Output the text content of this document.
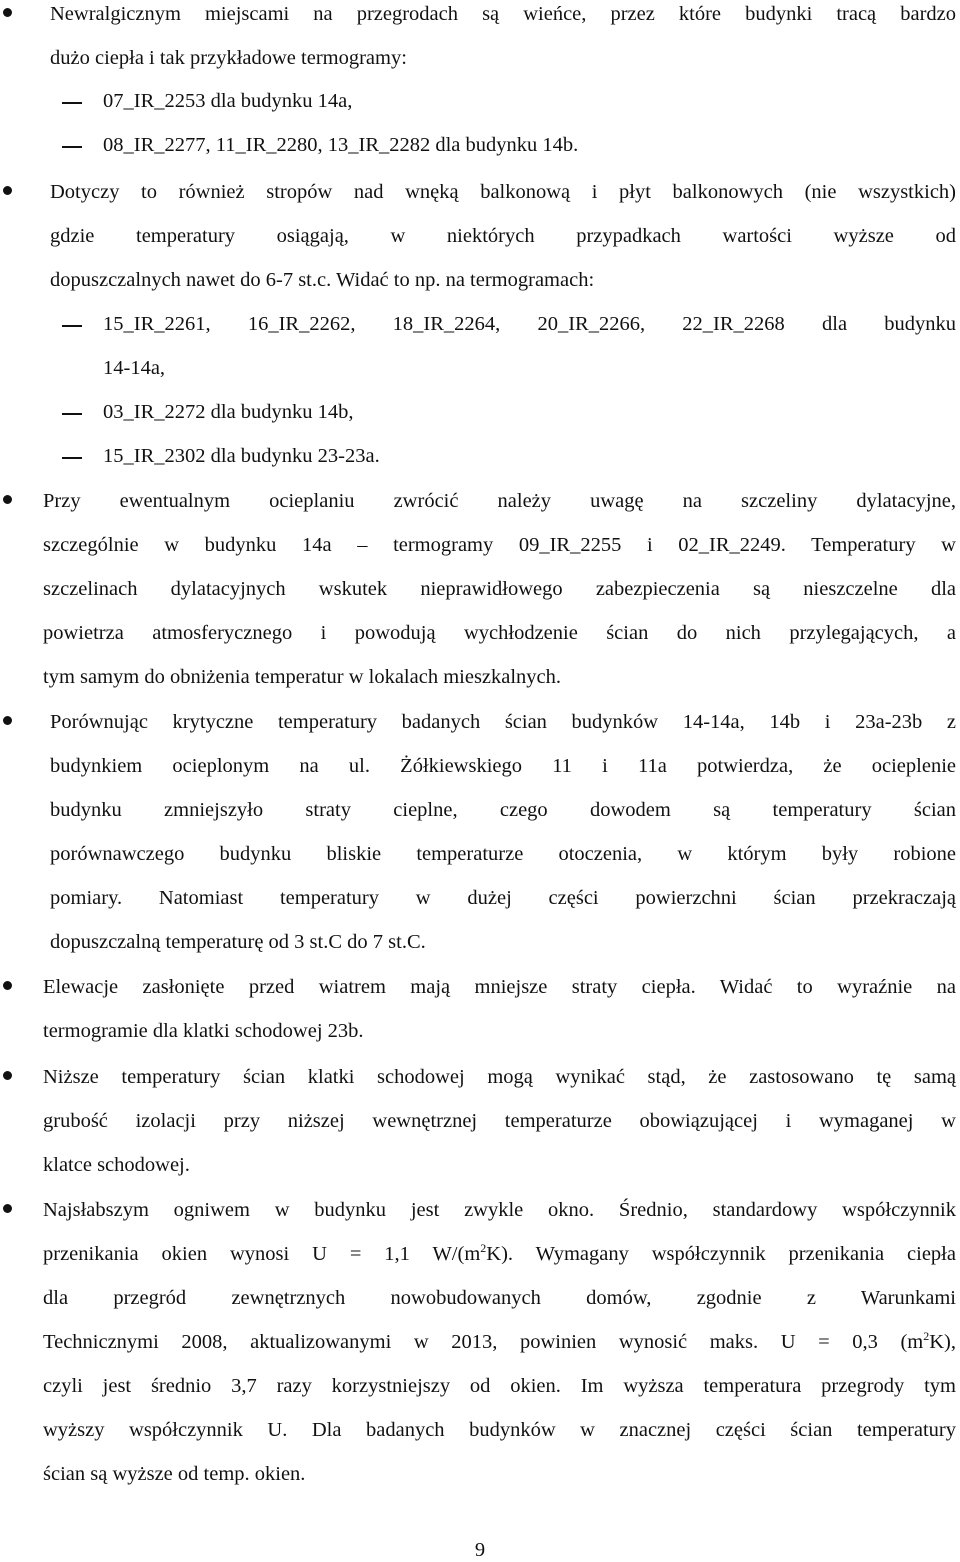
Newralgicznym miejscami na przegrodach są wieńce, przez które budynki tracą bardzo
dużo ciepła i tak przykładowe termogramy:
07_IR_2253 dla budynku 14a,
08_IR_2277, 11_IR_2280, 13_IR_2282 dla budynku 14b.
Dotyczy to również stropów nad wnęką balkonową i płyt balkonowych (nie wszystkich)
gdzie temperatury osiągają, w niektórych przypadkach wartości wyższe od
dopuszczalnych nawet do 6-7 st.c. Widać to np. na termogramach:
15_IR_2261, 16_IR_2262, 18_IR_2264, 20_IR_2266, 22_IR_2268 dla budynku
14-14a,
03_IR_2272 dla budynku 14b,
15_IR_2302 dla budynku 23-23a.
Przy ewentualnym ocieplaniu zwrócić należy uwagę na szczeliny dylatacyjne,
szczególnie w budynku 14a – termogramy 09_IR_2255 i 02_IR_2249. Temperatury w
szczelinach dylatacyjnych wskutek nieprawidłowego zabezpieczenia są nieszczelne dla
powietrza atmosferycznego i powodują wychłodzenie ścian do nich przylegających, a
tym samym do obniżenia temperatur w lokalach mieszkalnych.
Porównując krytyczne temperatury badanych ścian budynków 14-14a, 14b i 23a-23b z
budynkiem ocieplonym na ul. Żółkiewskiego 11 i 11a potwierdza, że ocieplenie
budynku zmniejszyło straty cieplne, czego dowodem są temperatury ścian
porównawczego budynku bliskie temperaturze otoczenia, w którym były robione
pomiary. Natomiast temperatury w dużej części powierzchni ścian przekraczają
dopuszczalną temperaturę od 3 st.C do 7 st.C.
Elewacje zasłonięte przed wiatrem mają mniejsze straty ciepła. Widać to wyraźnie na
termogramie dla klatki schodowej 23b.
Niższe temperatury ścian klatki schodowej mogą wynikać stąd, że zastosowano tę samą
grubość izolacji przy niższej wewnętrznej temperaturze obowiązującej i wymaganej w
klatce schodowej.
Najsłabszym ogniwem w budynku jest zwykle okno. Średnio, standardowy współczynnik
przenikania okien wynosi U = 1,1 $W/(m^2K)$. Wymagany współczynnik przenikania ciepła
dla przegród zewnętrznych nowobudowanych domów, zgodnie z Warunkami
Technicznymi 2008, aktualizowanymi w 2013, powinien wynosić maks. U = 0,3 $(m^2K)$,
czyli jest średnio 3,7 razy korzystniejszy od okien. Im wyższa temperatura przegrody tym
wyższy współczynnik U. Dla badanych budynków w znacznej części ścian temperatury
ścian są wyższe od temp. okien.
9
